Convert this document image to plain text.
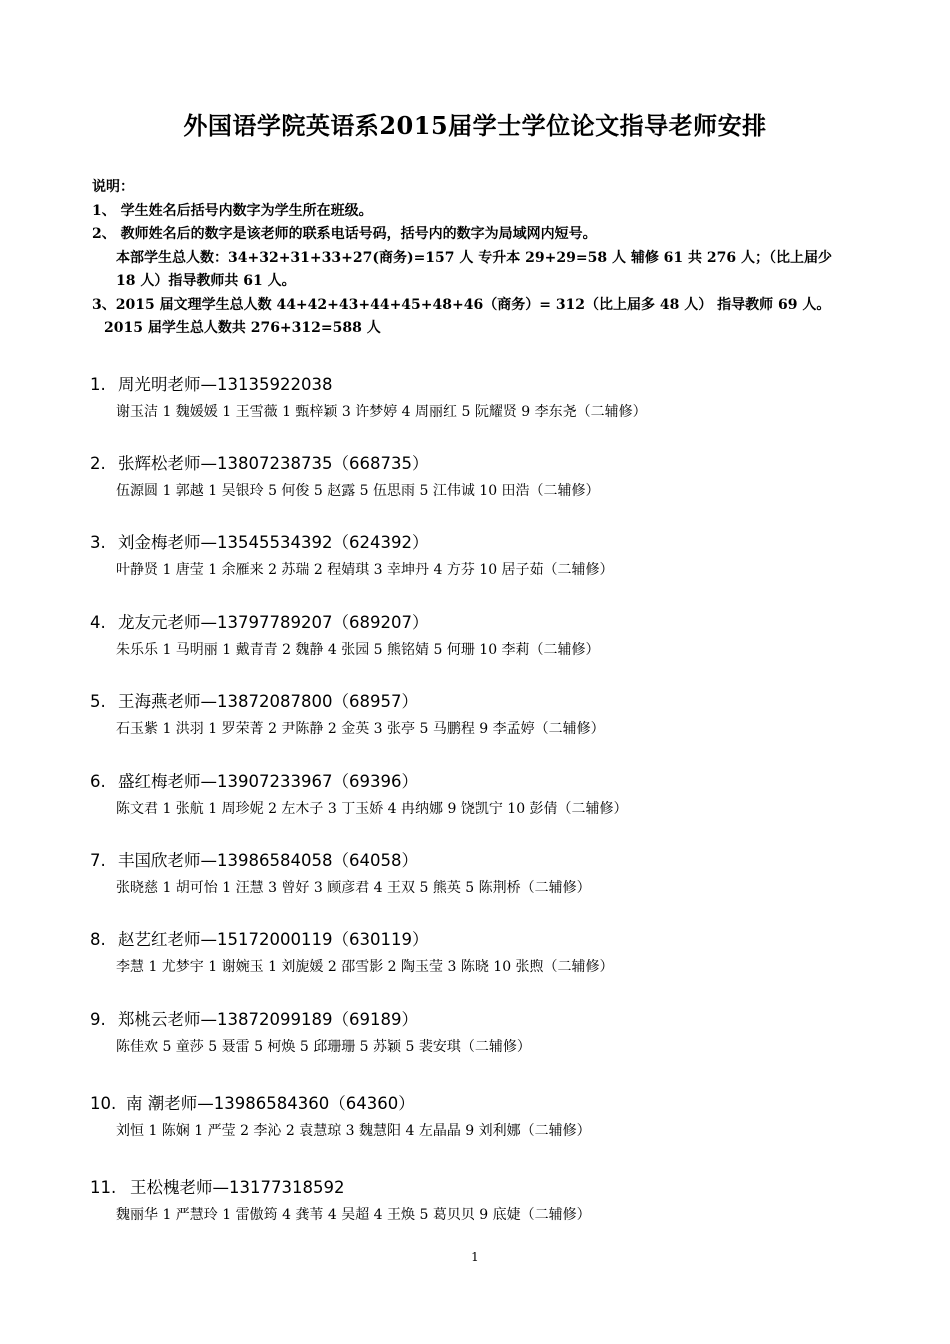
外国语学院英语系2015届学士学位论文指导老师安排
说明：
1、 学生姓名后括号内数字为学生所在班级。
2、 教师姓名后的数字是该老师的联系电话号码，括号内的数字为局域网内短号。
本部学生总人数：34+32+31+33+27(商务)=157 人 专升本 29+29=58 人 辅修 61 共 276 人；（比上届少
18 人）指导教师共 61 人。
3、2015 届文理学生总人数 44+42+43+44+45+48+46（商务）= 312（比上届多 48 人） 指导教师 69 人。
2015 届学生总人数共 276+312=588 人
1. 周光明老师—13135922038
谢玉洁 1 魏媛媛 1 王雪薇 1 甄梓颖 3 许梦婷 4 周丽红 5 阮耀贤 9 李东尧（二辅修）
2. 张辉松老师—13807238735（668735）
伍源圆 1 郭越 1 吴银玲 5 何俊 5 赵露 5 伍思雨 5 江伟诚 10 田浩（二辅修）
3. 刘金梅老师—13545534392（624392）
叶静贤 1 唐莹 1 余雁来 2 苏瑞 2 程婧琪 3 幸坤丹 4 方芬 10 居子茹（二辅修）
4. 龙友元老师—13797789207（689207）
朱乐乐 1 马明丽 1 戴青青 2 魏静 4 张园 5 熊铭婧 5 何珊 10 李莉（二辅修）
5. 王海燕老师—13872087800（68957）
石玉紫 1 洪羽 1 罗荣菁 2 尹陈静 2 金英 3 张亭 5 马鹏程 9 李孟婷（二辅修）
6. 盛红梅老师—13907233967（69396）
陈文君 1 张航 1 周珍妮 2 左木子 3 丁玉娇 4 冉纳娜 9 饶凯宁 10 彭倩（二辅修）
7. 丰国欣老师—13986584058（64058）
张晓慈 1 胡可怡 1 汪慧 3 曾好 3 顾彦君 4 王双 5 熊英 5 陈荆桥（二辅修）
8. 赵艺红老师—15172000119（630119）
李慧 1 尤梦宇 1 谢婉玉 1 刘旎媛 2 邵雪影 2 陶玉莹 3 陈晓 10 张煦（二辅修）
9. 郑桃云老师—13872099189（69189）
陈佳欢 5 童莎 5 聂雷 5 柯焕 5 邱珊珊 5 苏颖 5 裴安琪（二辅修）
10. 南 潮老师—13986584360（64360）
刘恒 1 陈娴 1 严莹 2 李沁 2 袁慧琼 3 魏慧阳 4 左晶晶 9 刘利娜（二辅修）
11. 王松槐老师—13177318592
魏丽华 1 严慧玲 1 雷傲筠 4 龚苇 4 吴超 4 王焕 5 葛贝贝 9 底婕（二辅修）
1
